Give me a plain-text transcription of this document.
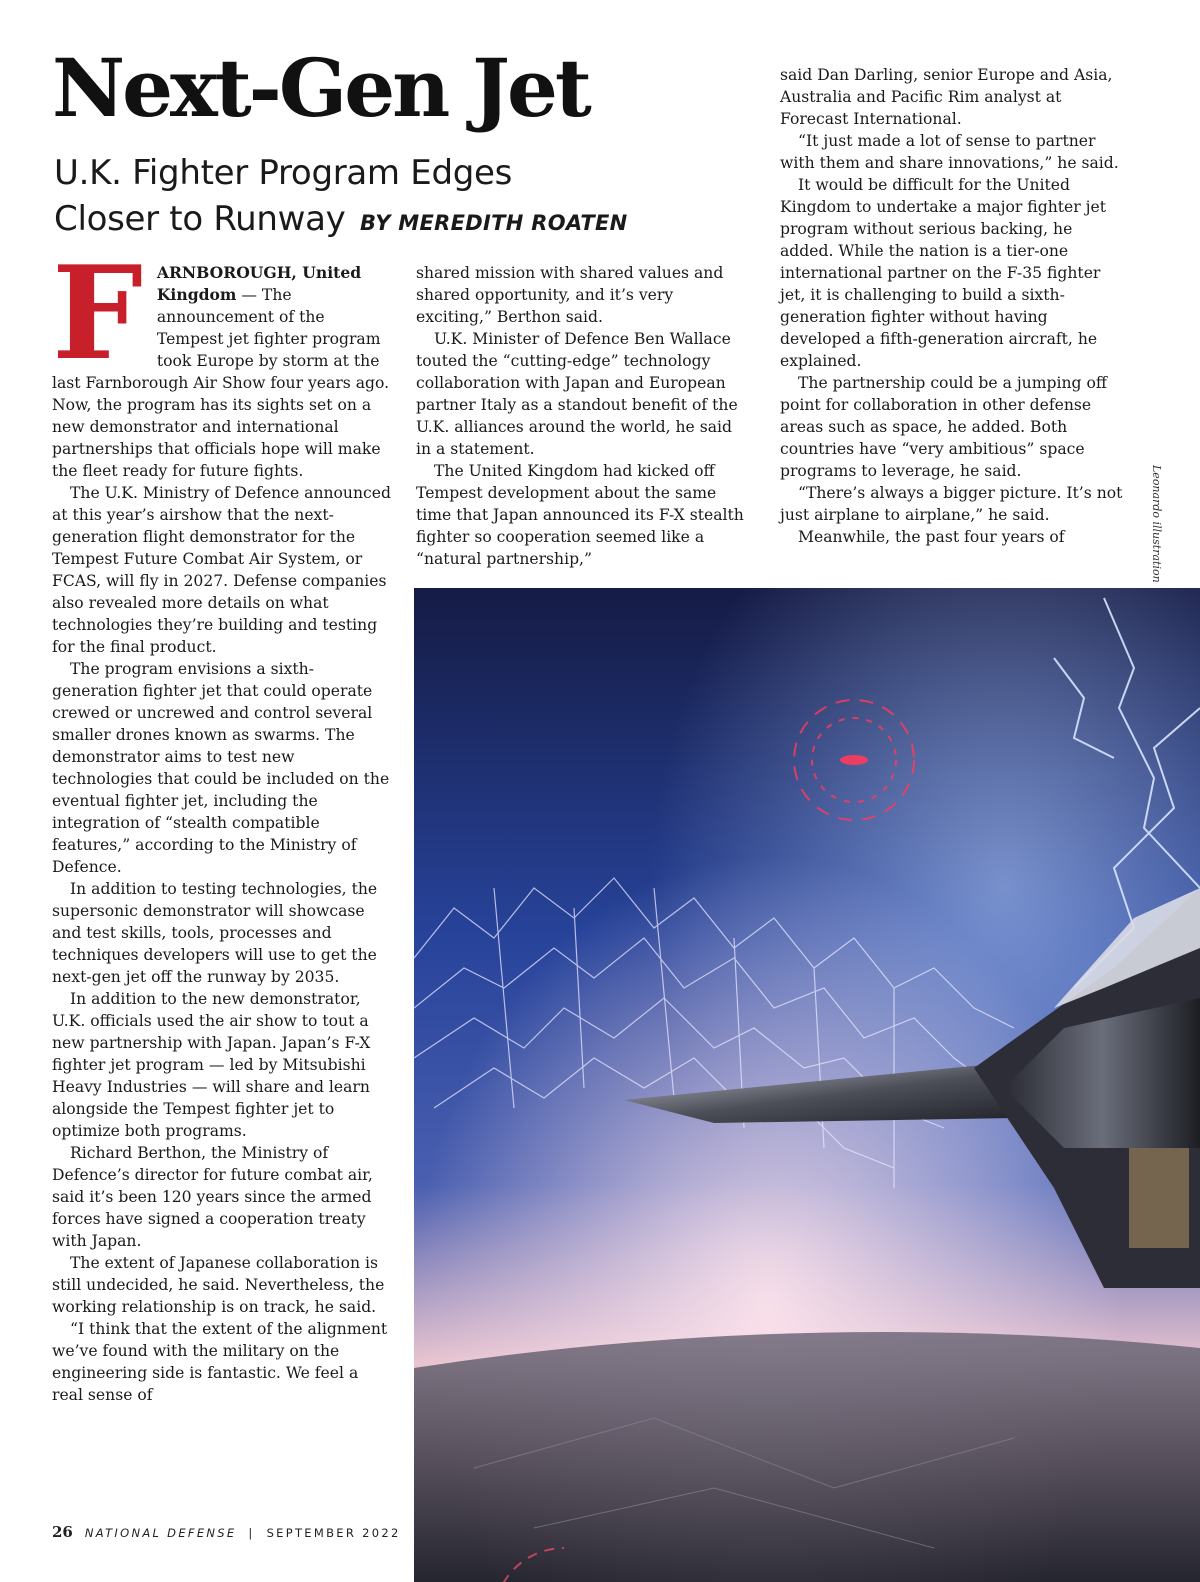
Next-Gen Jet
U.K. Fighter Program Edges
Closer to Runway BY MEREDITH ROATEN

FARNBOROUGH, United Kingdom — The announcement of the Tempest jet fighter program took Europe by storm at the last Farnborough Air Show four years ago. Now, the program has its sights set on a new demonstrator and international partnerships that officials hope will make the fleet ready for future fights.

The U.K. Ministry of Defence announced at this year’s airshow that the next-generation flight demonstrator for the Tempest Future Combat Air System, or FCAS, will fly in 2027. Defense companies also revealed more details on what technologies they’re building and testing for the final product.

The program envisions a sixth-generation fighter jet that could operate crewed or uncrewed and control several smaller drones known as swarms. The demonstrator aims to test new technologies that could be included on the eventual fighter jet, including the integration of “stealth compatible features,” according to the Ministry of Defence.

In addition to testing technologies, the supersonic demonstrator will showcase and test skills, tools, processes and techniques developers will use to get the next-gen jet off the runway by 2035.

In addition to the new demonstrator, U.K. officials used the air show to tout a new partnership with Japan. Japan’s F-X fighter jet program — led by Mitsubishi Heavy Industries — will share and learn alongside the Tempest fighter jet to optimize both programs.

Richard Berthon, the Ministry of Defence’s director for future combat air, said it’s been 120 years since the armed forces have signed a cooperation treaty with Japan.

The extent of Japanese collaboration is still undecided, he said. Nevertheless, the working relationship is on track, he said.

“I think that the extent of the alignment we’ve found with the military on the engineering side is fantastic. We feel a real sense of

shared mission with shared values and shared opportunity, and it’s very exciting,” Berthon said.

U.K. Minister of Defence Ben Wallace touted the “cutting-edge” technology collaboration with Japan and European partner Italy as a standout benefit of the U.K. alliances around the world, he said in a statement.

The United Kingdom had kicked off Tempest development about the same time that Japan announced its F-X stealth fighter so cooperation seemed like a “natural partnership,”

said Dan Darling, senior Europe and Asia, Australia and Pacific Rim analyst at Forecast International.

“It just made a lot of sense to partner with them and share innovations,” he said.

It would be difficult for the United Kingdom to undertake a major fighter jet program without serious backing, he added. While the nation is a tier-one international partner on the F-35 fighter jet, it is challenging to build a sixth-generation fighter without having developed a fifth-generation aircraft, he explained.

The partnership could be a jumping off point for collaboration in other defense areas such as space, he added. Both countries have “very ambitious” space programs to leverage, he said.

“There’s always a bigger picture. It’s not just airplane to airplane,” he said.

Meanwhile, the past four years of	Leonardo illustration
26 NATIONAL DEFENSE | SEPTEMBER 2022
